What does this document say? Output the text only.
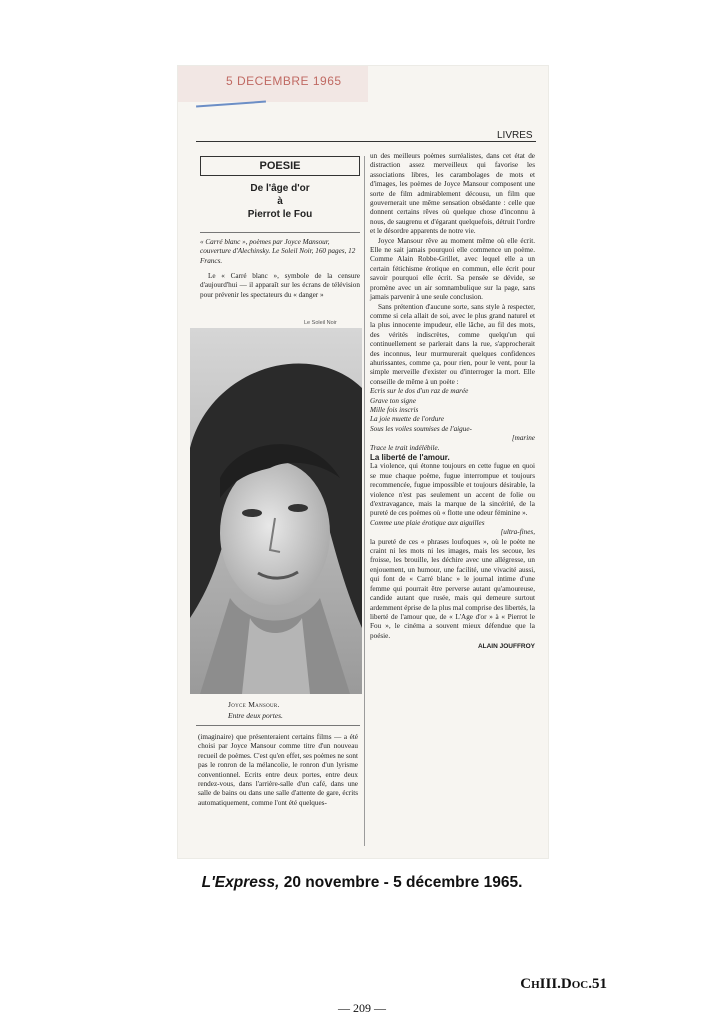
5 DECEMBRE 1965
LIVRES
POESIE
De l'âge d'or
à
Pierrot le Fou
« Carré blanc », poèmes par Joyce Mansour, couverture d'Alechinsky. Le Soleil Noir, 160 pages, 12 Francs.
Le « Carré blanc », symbole de la censure d'aujourd'hui — il apparaît sur les écrans de télévision pour prévenir les spectateurs du « danger »
Le Soleil Noir
Joyce Mansour.
Entre deux portes.
(imaginaire) que présenteraient certains films — a été choisi par Joyce Mansour comme titre d'un nouveau recueil de poèmes. C'est qu'en effet, ses poèmes ne sont pas le ronron de la mélancolie, le ronron d'un lyrisme conventionnel. Ecrits entre deux portes, entre deux rendez-vous, dans l'arrière-salle d'un café, dans une salle de bains ou dans une salle d'attente de gare, écrits automatiquement, comme l'ont été quelques-
un des meilleurs poèmes surréalistes, dans cet état de distraction assez merveilleux qui favorise les associations libres, les carambolages de mots et d'images, les poèmes de Joyce Mansour composent une sorte de film admirablement décousu, un film que gouvernerait une même sensation obsédante : celle que donnent certains rêves où quelque chose d'inconnu à nous, de saugrenu et d'égarant quelquefois, détruit l'ordre et le désordre apparents de notre vie.
Joyce Mansour rêve au moment même où elle écrit. Elle ne sait jamais pourquoi elle commence un poème. Comme Alain Robbe-Grillet, avec lequel elle a un certain fétichisme érotique en commun, elle écrit pour savoir pourquoi elle écrit. Sa pensée se dévide, se promène avec un air somnambulique sur la page, sans jamais parvenir à une seule conclusion.
Sans prétention d'aucune sorte, sans style à respecter, comme si cela allait de soi, avec le plus grand naturel et la plus innocente impudeur, elle lâche, au fil des mots, des vérités indiscrètes, comme quelqu'un qui continuellement se parlerait dans la rue, s'approcherait des inconnus, leur murmurerait quelques confidences ahurissantes, comme ça, pour rien, pour le vent, pour la simple merveille d'exister ou d'interroger la mort. Elle conseille de même à un poète :
Ecris sur le dos d'un raz de marée
Grave ton signe
Mille fois inscris
La joie muette de l'ordure
Sous les voiles soumises de l'aigue-
[marine
Trace le trait indélébile.
La liberté de l'amour.
La violence, qui étonne toujours en cette fugue en quoi se mue chaque poème, fugue interrompue et toujours recommencée, fugue impossible et toujours désirable, la violence n'est pas seulement un accent de folie ou d'extravagance, mais la marque de la sincérité, de la pureté de ces poèmes où « flotte une odeur féminine ».
Comme une plaie érotique aux aiguilles
[ultra-fines,
la pureté de ces « phrases loufoques », où le poète ne craint ni les mots ni les images, mais les secoue, les froisse, les brouille, les déchire avec une allégresse, un enjouement, un humour, une facilité, une vivacité aussi, qui font de « Carré blanc » le journal intime d'une femme qui pourrait être perverse autant qu'amoureuse, candide autant que rusée, mais qui demeure surtout ardemment éprise de la plus mal comprise des libertés, la liberté de l'amour que, de « L'Age d'or » à « Pierrot le Fou », le cinéma a souvent mieux défendue que la poésie.
ALAIN JOUFFROY
L'Express, 20 novembre - 5 décembre 1965.
ChIII.Doc.51
— 209 —
